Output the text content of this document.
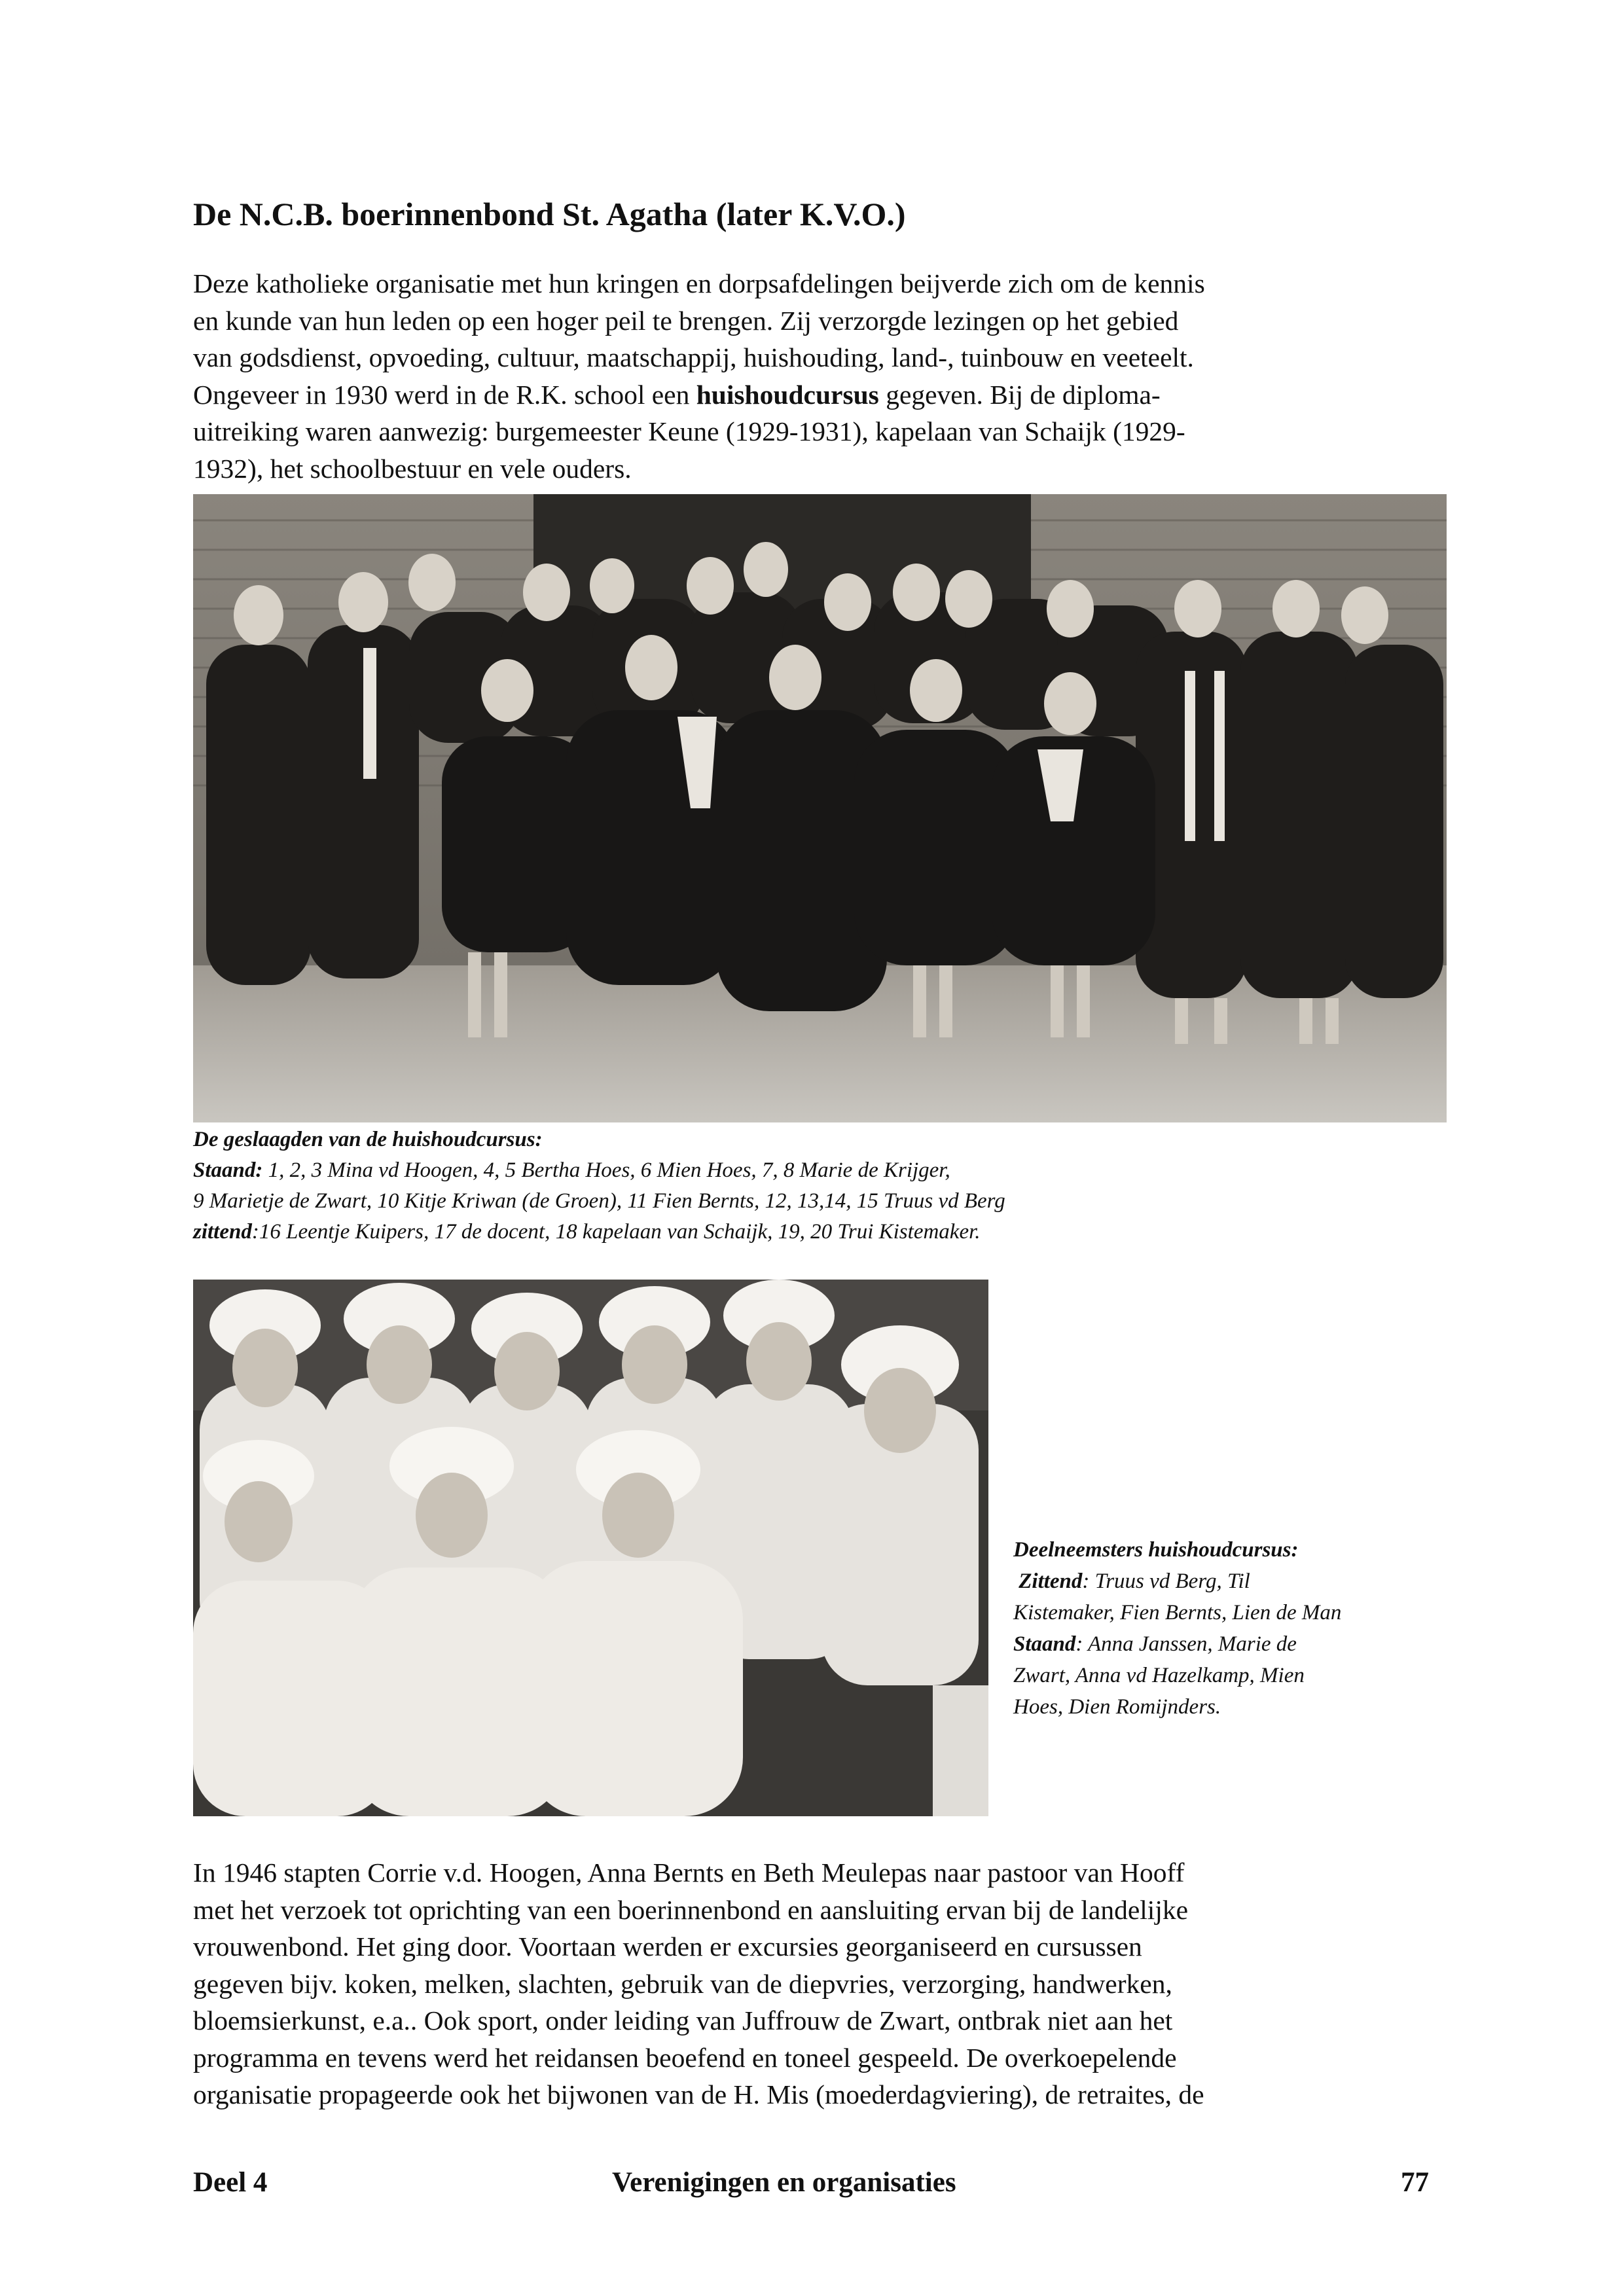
De N.C.B. boerinnenbond St. Agatha (later K.V.O.)

Deze katholieke organisatie met hun kringen en dorpsafdelingen beijverde zich om de kennis

en kunde van hun leden op een hoger peil te brengen. Zij verzorgde lezingen op het gebied

van godsdienst, opvoeding, cultuur, maatschappij, huishouding, land-, tuinbouw en veeteelt.

Ongeveer in 1930 werd in de R.K. school een huishoudcursus gegeven. Bij de diploma-

uitreiking waren aanwezig: burgemeester Keune (1929-1931), kapelaan van Schaijk (1929-

1932), het schoolbestuur en vele ouders.

De geslaagden van de huishoudcursus:

Staand: 1, 2, 3 Mina vd Hoogen, 4, 5 Bertha Hoes, 6 Mien Hoes, 7, 8 Marie de Krijger,

9 Marietje de Zwart, 10 Kitje Kriwan (de Groen), 11 Fien Bernts, 12, 13,14, 15 Truus vd Berg

zittend:16 Leentje Kuipers, 17 de docent, 18 kapelaan van Schaijk, 19, 20 Trui Kistemaker.

Deelneemsters huishoudcursus:

Zittend: Truus vd Berg, Til

Kistemaker, Fien Bernts, Lien de Man

Staand: Anna Janssen, Marie de

Zwart, Anna vd Hazelkamp, Mien

Hoes, Dien Romijnders.

In 1946 stapten Corrie v.d. Hoogen, Anna Bernts en Beth Meulepas naar pastoor van Hooff

met het verzoek tot oprichting van een boerinnenbond en aansluiting ervan bij de landelijke

vrouwenbond. Het ging door. Voortaan werden er excursies georganiseerd en cursussen

gegeven bijv. koken, melken, slachten, gebruik van de diepvries, verzorging, handwerken,

bloemsierkunst, e.a.. Ook sport, onder leiding van Juffrouw de Zwart, ontbrak niet aan het

programma en tevens werd het reidansen beoefend en toneel gespeeld. De overkoepelende

organisatie propageerde ook het bijwonen van de H. Mis (moederdagviering), de retraites, de

Deel 4	Verenigingen en organisaties	77
